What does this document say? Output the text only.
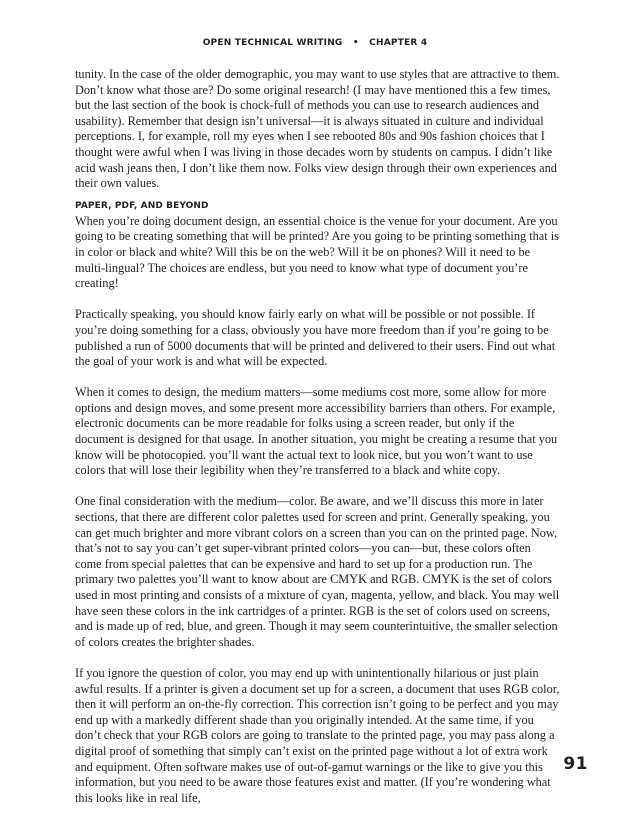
OPEN TECHNICAL WRITING • CHAPTER 4

tunity. In the case of the older demographic, you may want to use styles that are attractive to them. Don’t know what those are? Do some original research! (I may have mentioned this a few times, but the last section of the book is chock-full of methods you can use to research audiences and usability). Remember that design isn’t universal—it is always situated in culture and individual perceptions. I, for example, roll my eyes when I see rebooted 80s and 90s fashion choices that I thought were awful when I was living in those decades worn by students on campus. I didn’t like acid wash jeans then, I don’t like them now. Folks view design through their own experiences and their own values.

PAPER, PDF, AND BEYOND

When you’re doing document design, an essential choice is the venue for your document. Are you going to be creating something that will be printed? Are you going to be printing something that is in color or black and white? Will this be on the web? Will it be on phones? Will it need to be multi-lingual? The choices are endless, but you need to know what type of document you’re creating!

Practically speaking, you should know fairly early on what will be possible or not possible. If you’re doing something for a class, obviously you have more freedom than if you’re going to be published a run of 5000 documents that will be printed and delivered to their users. Find out what the goal of your work is and what will be expected.

When it comes to design, the medium matters—some mediums cost more, some allow for more options and design moves, and some present more accessibility barriers than others. For example, electronic documents can be more readable for folks using a screen reader, but only if the document is designed for that usage. In another situation, you might be creating a resume that you know will be photocopied. you’ll want the actual text to look nice, but you won’t want to use colors that will lose their legibility when they’re transferred to a black and white copy.

One final consideration with the medium—color. Be aware, and we’ll discuss this more in later sections, that there are different color palettes used for screen and print. Generally speaking, you can get much brighter and more vibrant colors on a screen than you can on the printed page. Now, that’s not to say you can’t get super-vibrant printed colors—you can—but, these colors often come from special palettes that can be expensive and hard to set up for a production run. The primary two palettes you’ll want to know about are CMYK and RGB. CMYK is the set of colors used in most printing and consists of a mixture of cyan, magenta, yellow, and black. You may well have seen these colors in the ink cartridges of a printer. RGB is the set of colors used on screens, and is made up of red, blue, and green. Though it may seem counterintuitive, the smaller selection of colors creates the brighter shades.

If you ignore the question of color, you may end up with unintentionally hilarious or just plain awful results. If a printer is given a document set up for a screen, a document that uses RGB color, then it will perform an on-the-fly correction. This correction isn’t going to be perfect and you may end up with a markedly different shade than you originally intended. At the same time, if you don’t check that your RGB colors are going to translate to the printed page, you may pass along a digital proof of something that simply can’t exist on the printed page without a lot of extra work and equipment. Often software makes use of out-of-gamut warnings or the like to give you this information, but you need to be aware those features exist and matter. (If you’re wondering what this looks like in real life,

91
